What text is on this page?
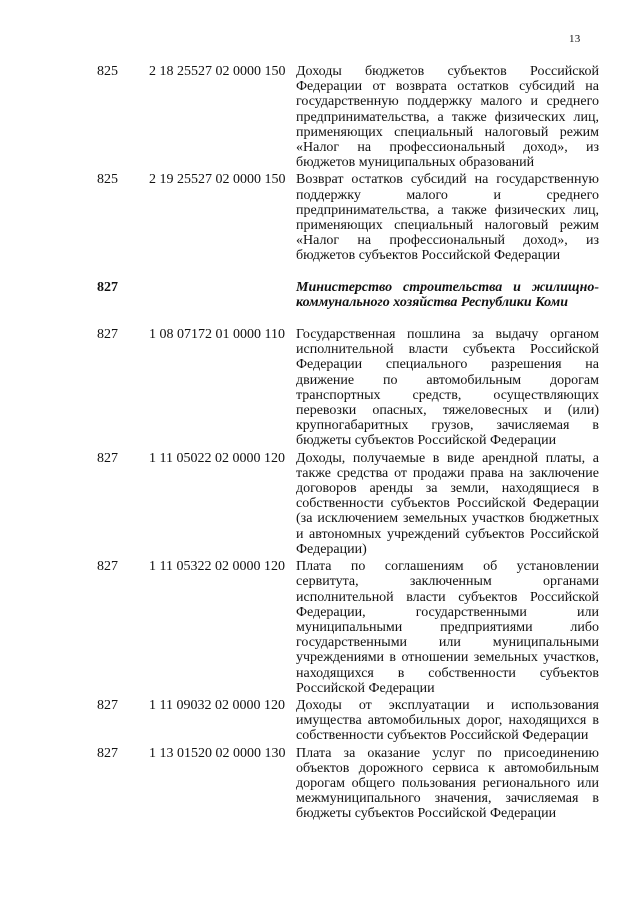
13
825	2 18 25527 02 0000 150 Доходы бюджетов субъектов Российской Федерации от возврата остатков субсидий на государственную поддержку малого и среднего предпринимательства, а также физических лиц, применяющих специальный налоговый режим «Налог на профессиональный доход», из бюджетов муниципальных образований
825	2 19 25527 02 0000 150 Возврат остатков субсидий на государственную поддержку малого и среднего предпринимательства, а также физических лиц, применяющих специальный налоговый режим «Налог на профессиональный доход», из бюджетов субъектов Российской Федерации
827	Министерство строительства и жилищно-коммунального хозяйства Республики Коми
827	1 08 07172 01 0000 110 Государственная пошлина за выдачу органом исполнительной власти субъекта Российской Федерации специального разрешения на движение по автомобильным дорогам транспортных средств, осуществляющих перевозки опасных, тяжеловесных и (или) крупногабаритных грузов, зачисляемая в бюджеты субъектов Российской Федерации
827	1 11 05022 02 0000 120 Доходы, получаемые в виде арендной платы, а также средства от продажи права на заключение договоров аренды за земли, находящиеся в собственности субъектов Российской Федерации (за исключением земельных участков бюджетных и автономных учреждений субъектов Российской Федерации)
827	1 11 05322 02 0000 120 Плата по соглашениям об установлении сервитута, заключенным органами исполнительной власти субъектов Российской Федерации, государственными или муниципальными предприятиями либо государственными или муниципальными учреждениями в отношении земельных участков, находящихся в собственности субъектов Российской Федерации
827	1 11 09032 02 0000 120 Доходы от эксплуатации и использования имущества автомобильных дорог, находящихся в собственности субъектов Российской Федерации
827	1 13 01520 02 0000 130 Плата за оказание услуг по присоединению объектов дорожного сервиса к автомобильным дорогам общего пользования регионального или межмуниципального значения, зачисляемая в бюджеты субъектов Российской Федерации
